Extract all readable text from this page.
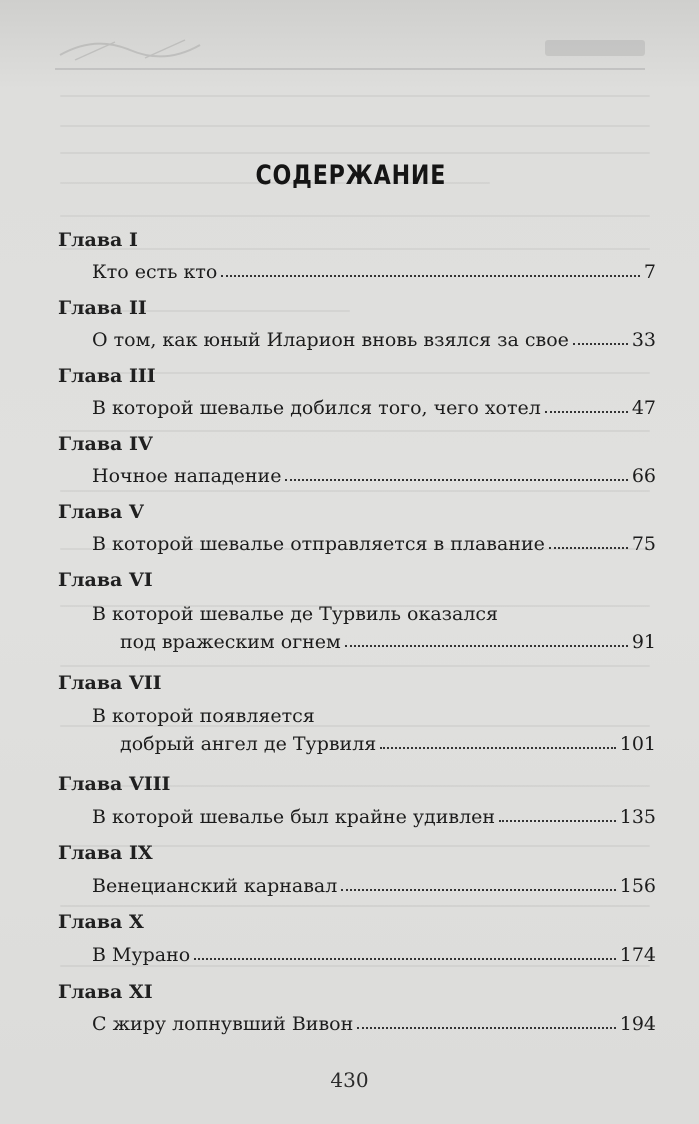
СОДЕРЖАНИЕ
Глава I
Кто есть кто	7
Глава II
О том, как юный Иларион вновь взялся за свое	33
Глава III
В которой шевалье добился того, чего хотел	47
Глава IV
Ночное нападение	66
Глава V
В которой шевалье отправляется в плавание	75
Глава VI
В которой шевалье де Турвиль оказался
под вражеским огнем	91
Глава VII
В которой появляется
добрый ангел де Турвиля	101
Глава VIII
В которой шевалье был крайне удивлен	135
Глава IX
Венецианский карнавал	156
Глава X
В Мурано	174
Глава XI
С жиру лопнувший Вивон	194
430
